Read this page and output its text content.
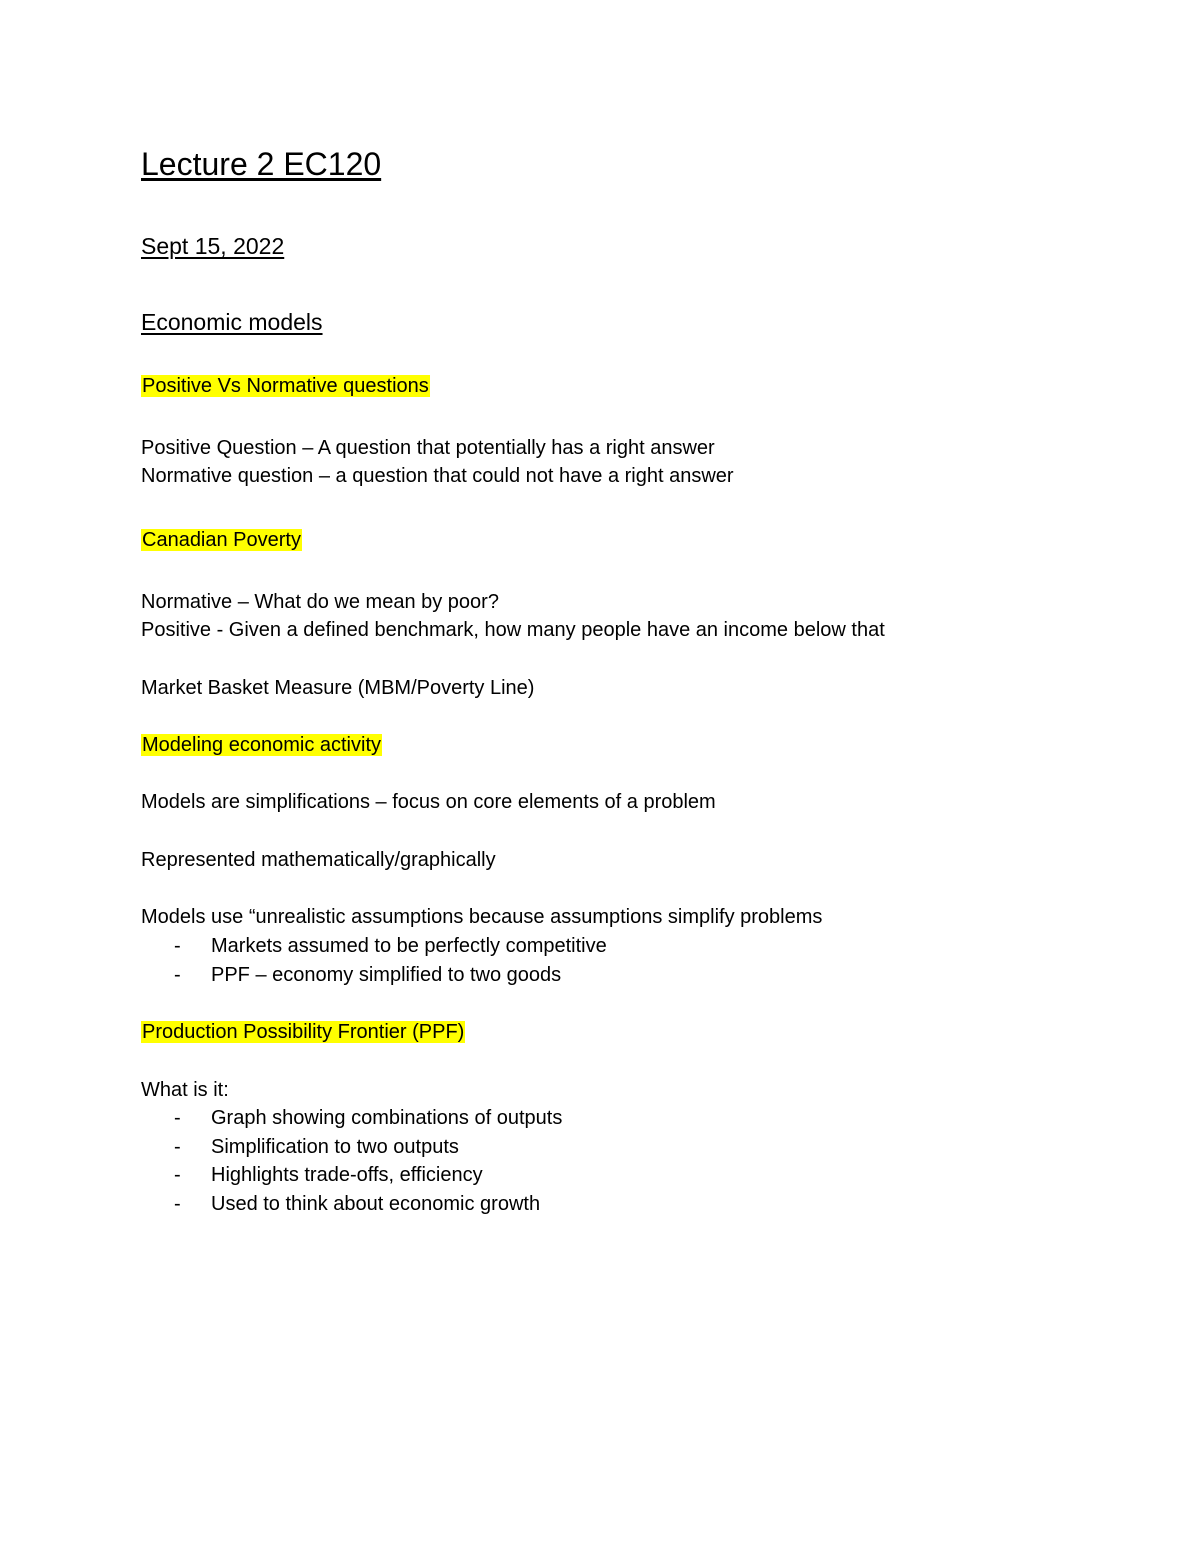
Lecture 2 EC120
Sept 15, 2022
Economic models
Positive Vs Normative questions
Positive Question – A question that potentially has a right answer
Normative question – a question that could not have a right answer
Canadian Poverty
Normative – What do we mean by poor?
Positive - Given a defined benchmark, how many people have an income below that
Market Basket Measure (MBM/Poverty Line)
Modeling economic activity
Models are simplifications – focus on core elements of a problem
Represented mathematically/graphically
Models use “unrealistic assumptions because assumptions simplify problems
- Markets assumed to be perfectly competitive
- PPF – economy simplified to two goods
Production Possibility Frontier (PPF)
What is it:
- Graph showing combinations of outputs
- Simplification to two outputs
- Highlights trade-offs, efficiency
- Used to think about economic growth
